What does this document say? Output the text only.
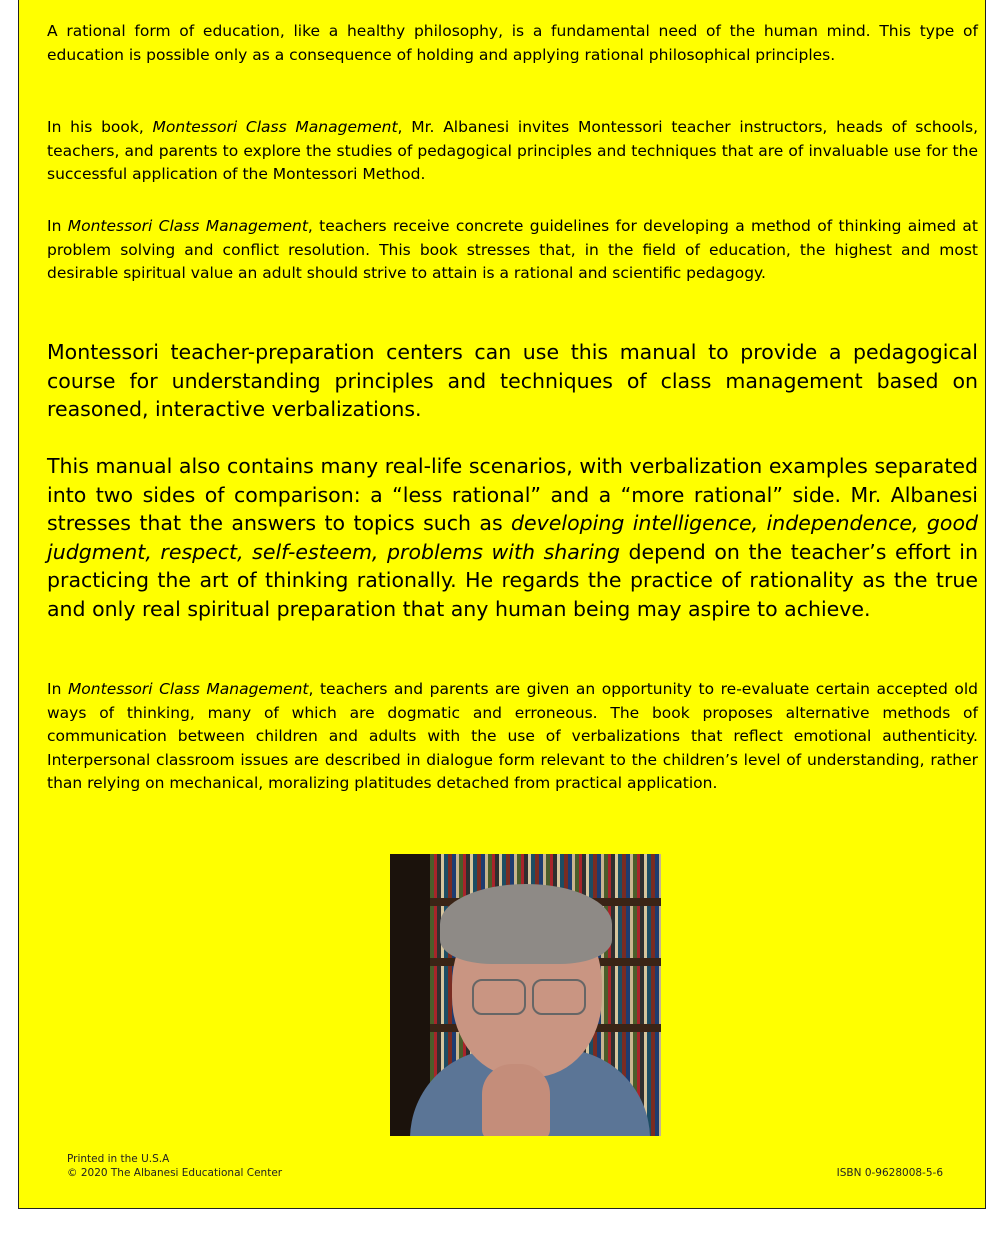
A rational form of education, like a healthy philosophy, is a fundamental need of the human mind. This type of education is possible only as a consequence of holding and applying rational philosophical principles.

In his book, Montessori Class Management, Mr. Albanesi invites Montessori teacher instructors, heads of schools, teachers, and parents to explore the studies of pedagogical principles and techniques that are of invaluable use for the successful application of the Montessori Method.

In Montessori Class Management, teachers receive concrete guidelines for developing a method of thinking aimed at problem solving and conflict resolution. This book stresses that, in the field of education, the highest and most desirable spiritual value an adult should strive to attain is a rational and scientific pedagogy.

Montessori teacher-preparation centers can use this manual to provide a pedagogical course for understanding principles and techniques of class management based on reasoned, interactive verbalizations.

This manual also contains many real-life scenarios, with verbalization examples separated into two sides of comparison: a “less rational” and a “more rational” side. Mr. Albanesi stresses that the answers to topics such as developing intelligence, independence, good judgment, respect, self-esteem, problems with sharing depend on the teacher’s effort in practicing the art of thinking rationally. He regards the practice of rationality as the true and only real spiritual preparation that any human being may aspire to achieve.

In Montessori Class Management, teachers and parents are given an opportunity to re-evaluate certain accepted old ways of thinking, many of which are dogmatic and erroneous. The book proposes alternative methods of communication between children and adults with the use of verbalizations that reflect emotional authenticity. Interpersonal classroom issues are described in dialogue form relevant to the children’s level of understanding, rather than relying on mechanical, moralizing platitudes detached from practical application.

Printed in the U.S.A
© 2020 The Albanesi Educational Center	ISBN 0-9628008-5-6
